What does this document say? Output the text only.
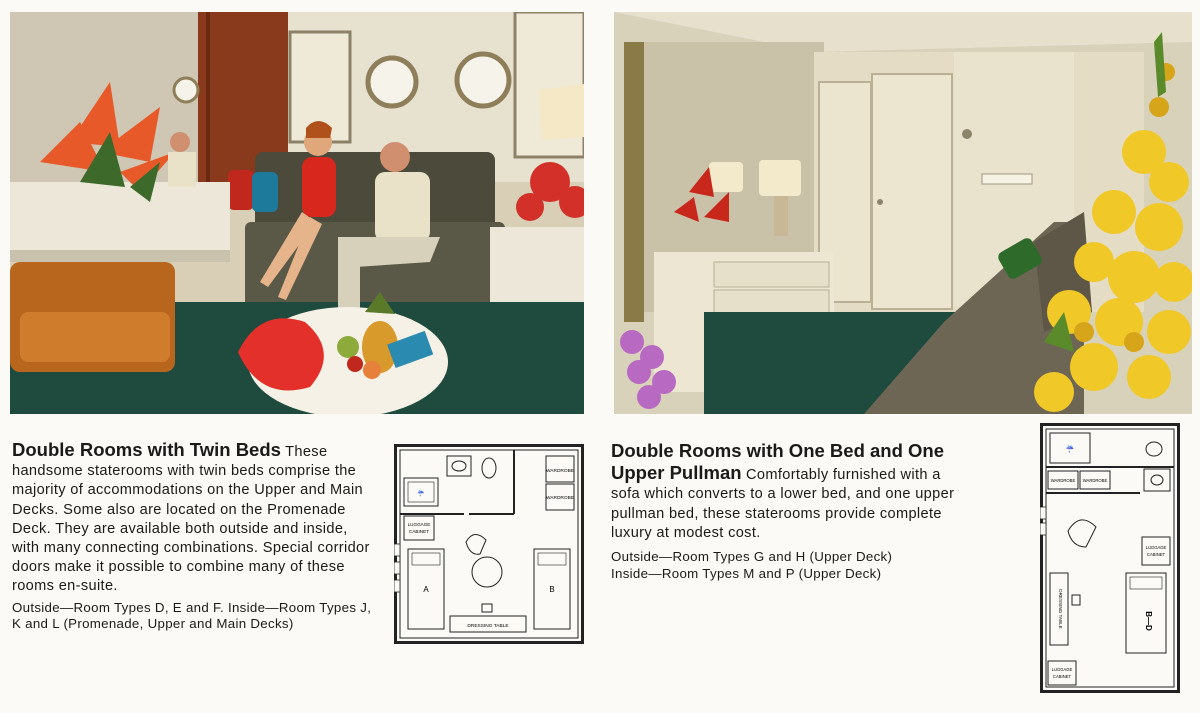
Double Rooms with Twin Beds These handsome staterooms with twin beds comprise the majority of accommodations on the Upper and Main Decks. Some also are located on the Promenade Deck. They are available both outside and inside, with many connecting combinations. Special corridor doors make it possible to combine many of these rooms en-suite.
Outside—Room Types D, E and F. Inside—Room Types J, K and L (Promenade, Upper and Main Decks)
Double Rooms with One Bed and One Upper Pullman Comfortably furnished with a sofa which converts to a lower bed, and one upper pullman bed, these staterooms provide complete luxury at modest cost.
Outside—Room Types G and H (Upper Deck)
Inside—Room Types M and P (Upper Deck)
☔
WARDROBE
WARDROBE
LUGGAGE
CABINET
A	B
DRESSING TABLE
☔
WARDROBE WARDROBE
LUGGAGE
CABINET
DRESSING TABLE	B—D
LUGGAGE
CABINET
